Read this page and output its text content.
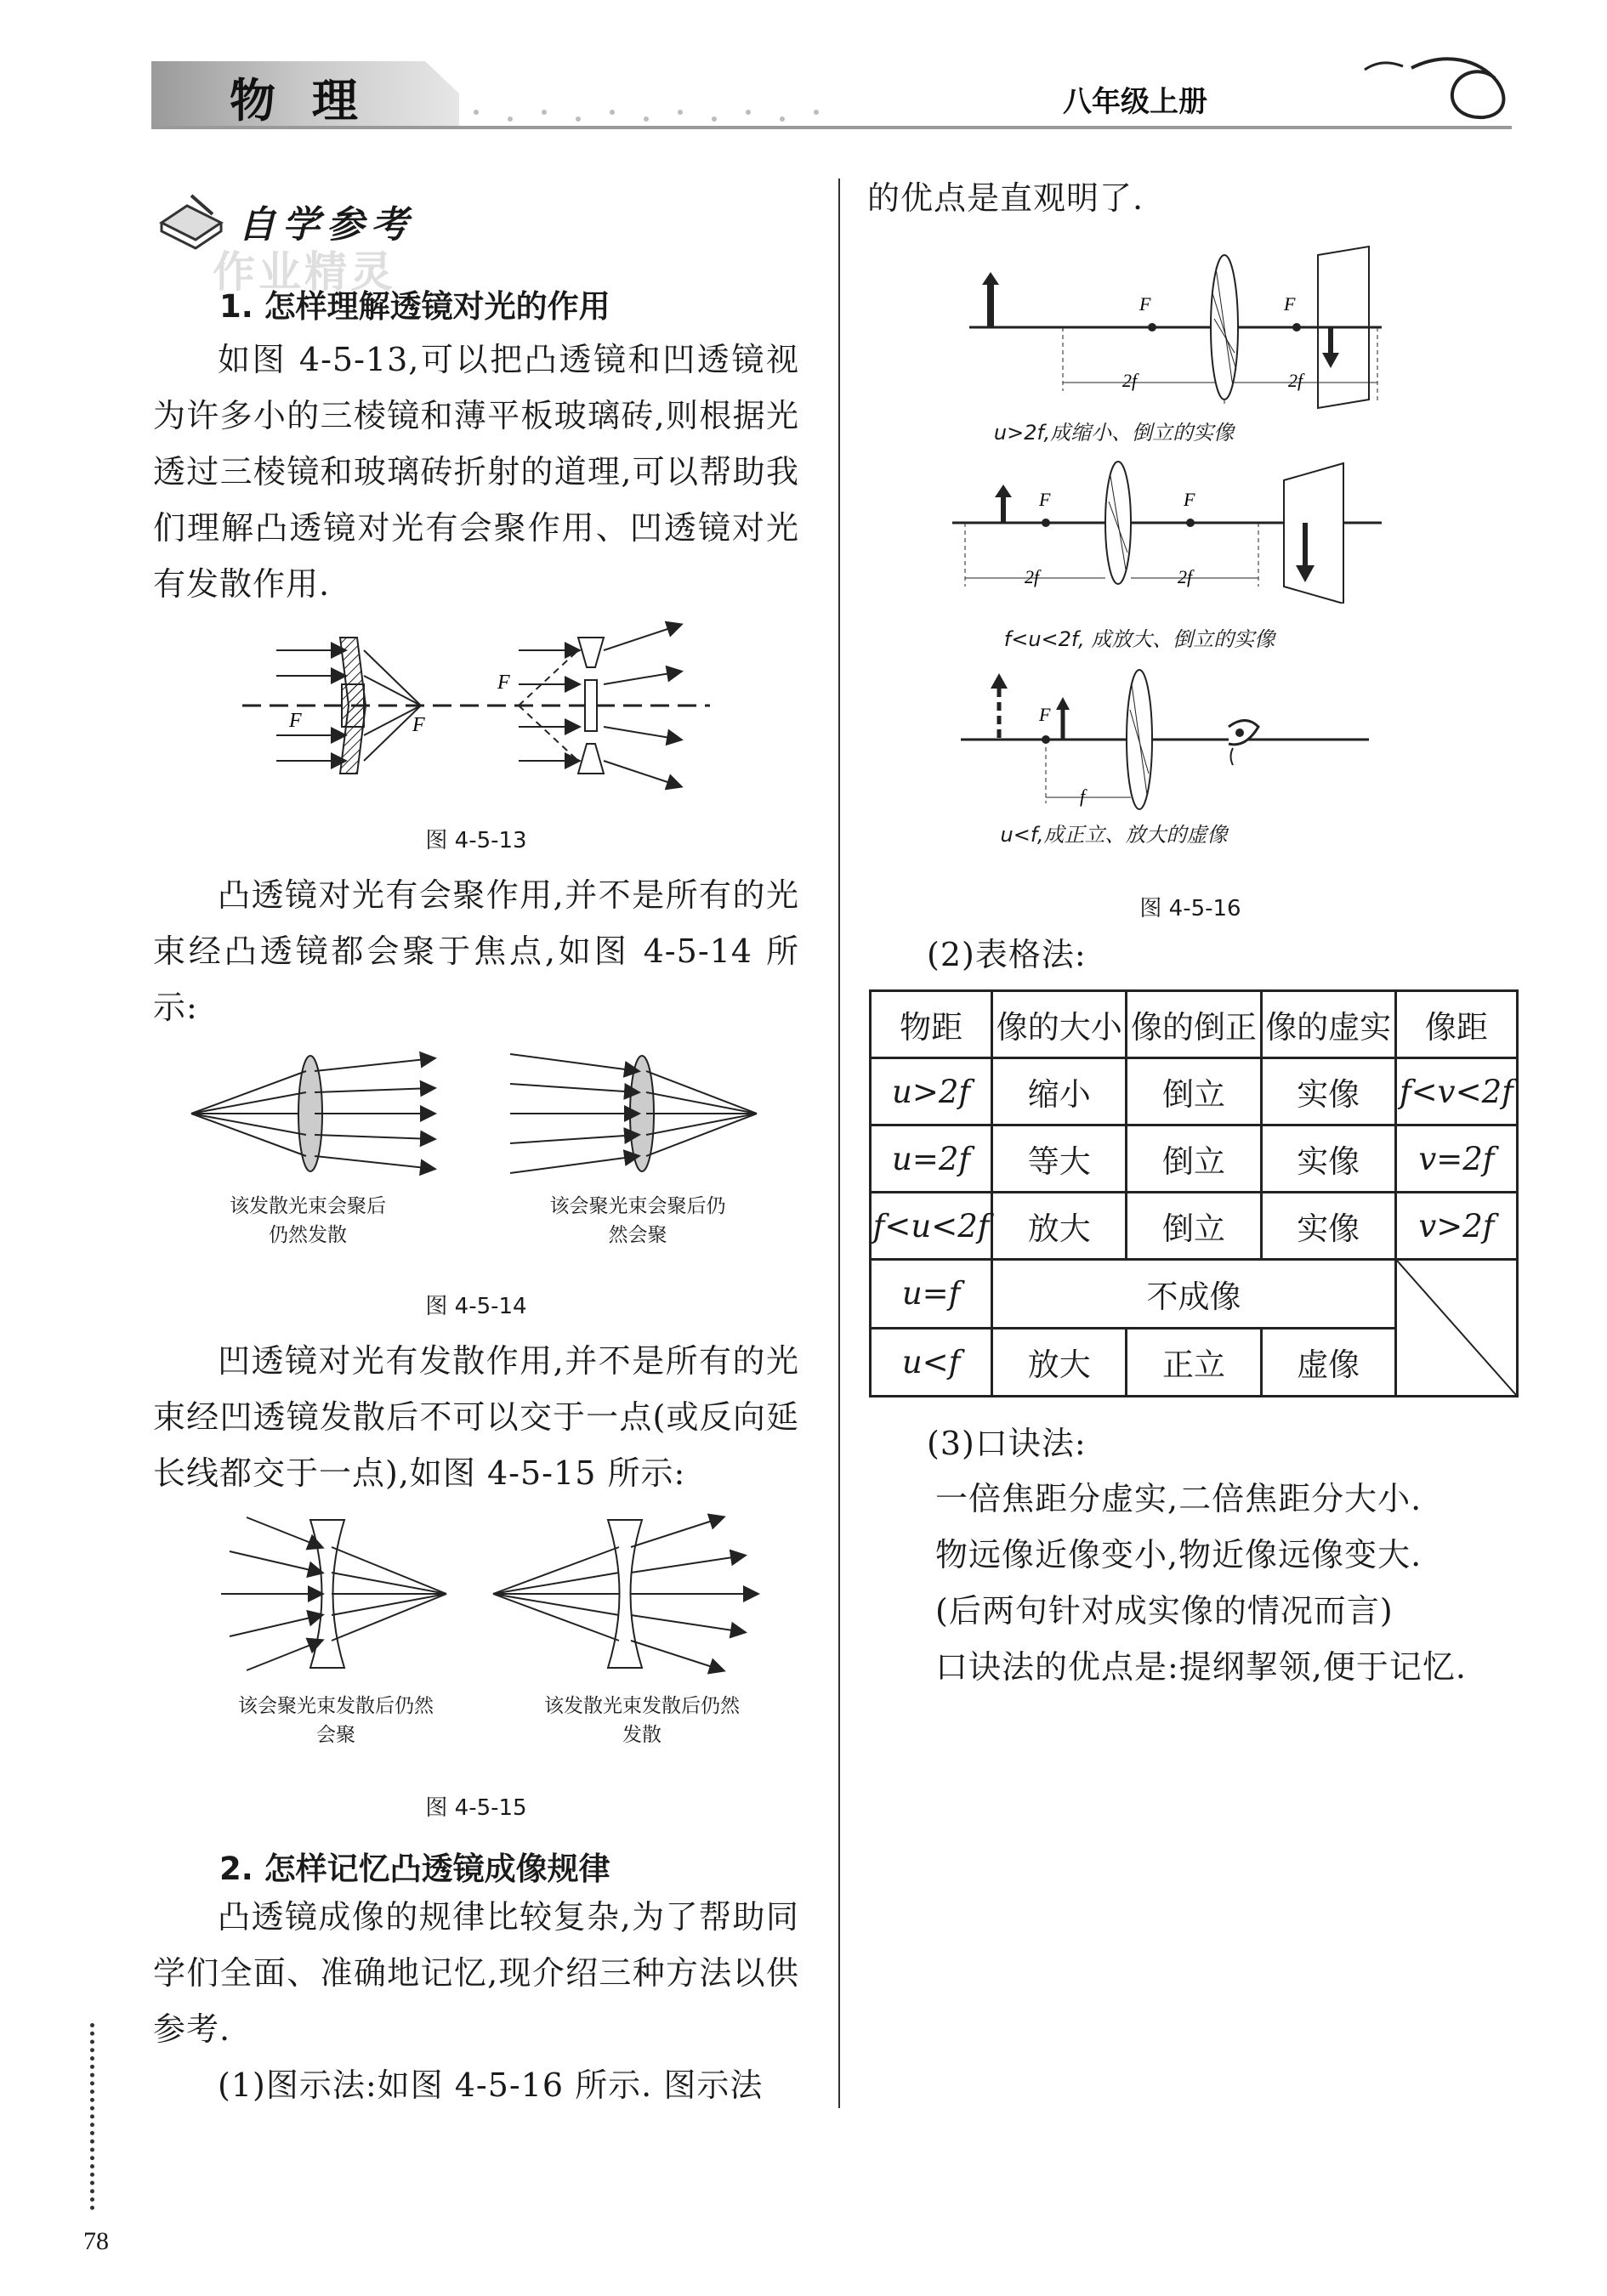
物 理	八年级上册
自学参考
作业精灵
1. 怎样理解透镜对光的作用
如图 4-5-13,可以把凸透镜和凹透镜视为许多小的三棱镜和薄平板玻璃砖,则根据光透过三棱镜和玻璃砖折射的道理,可以帮助我们理解凸透镜对光有会聚作用、凹透镜对光有发散作用.
F	F
F
图 4-5-13
凸透镜对光有会聚作用,并不是所有的光束经凸透镜都会聚于焦点,如图 4-5-14 所示:
该发散光束会聚后仍然发散
该会聚光束会聚后仍然会聚
图 4-5-14
凹透镜对光有发散作用,并不是所有的光束经凹透镜发散后不可以交于一点(或反向延长线都交于一点),如图 4-5-15 所示:
该会聚光束发散后仍然会聚
该发散光束发散后仍然发散
图 4-5-15
2. 怎样记忆凸透镜成像规律
凸透镜成像的规律比较复杂,为了帮助同学们全面、准确地记忆,现介绍三种方法以供参考.
(1)图示法:如图 4-5-16 所示. 图示法
78
的优点是直观明了.
F	F
2f	2f
u>2f,成缩小、倒立的实像
F	F
2f	2f
f<u<2f, 成放大、倒立的实像
F
f
u<f,成正立、放大的虚像
图 4-5-16
(2)表格法:
物距	像的大小	像的倒正	像的虚实	像距
u>2f	缩小	倒立	实像	f<v<2f
u=2f	等大	倒立	实像	v=2f
f<u<2f	放大	倒立	实像	v>2f
u=f	不成像	

u<f	放大	正立	虚像	
(3)口诀法:
一倍焦距分虚实,二倍焦距分大小.
物远像近像变小,物近像远像变大.
(后两句针对成实像的情况而言)
口诀法的优点是:提纲挈领,便于记忆.
